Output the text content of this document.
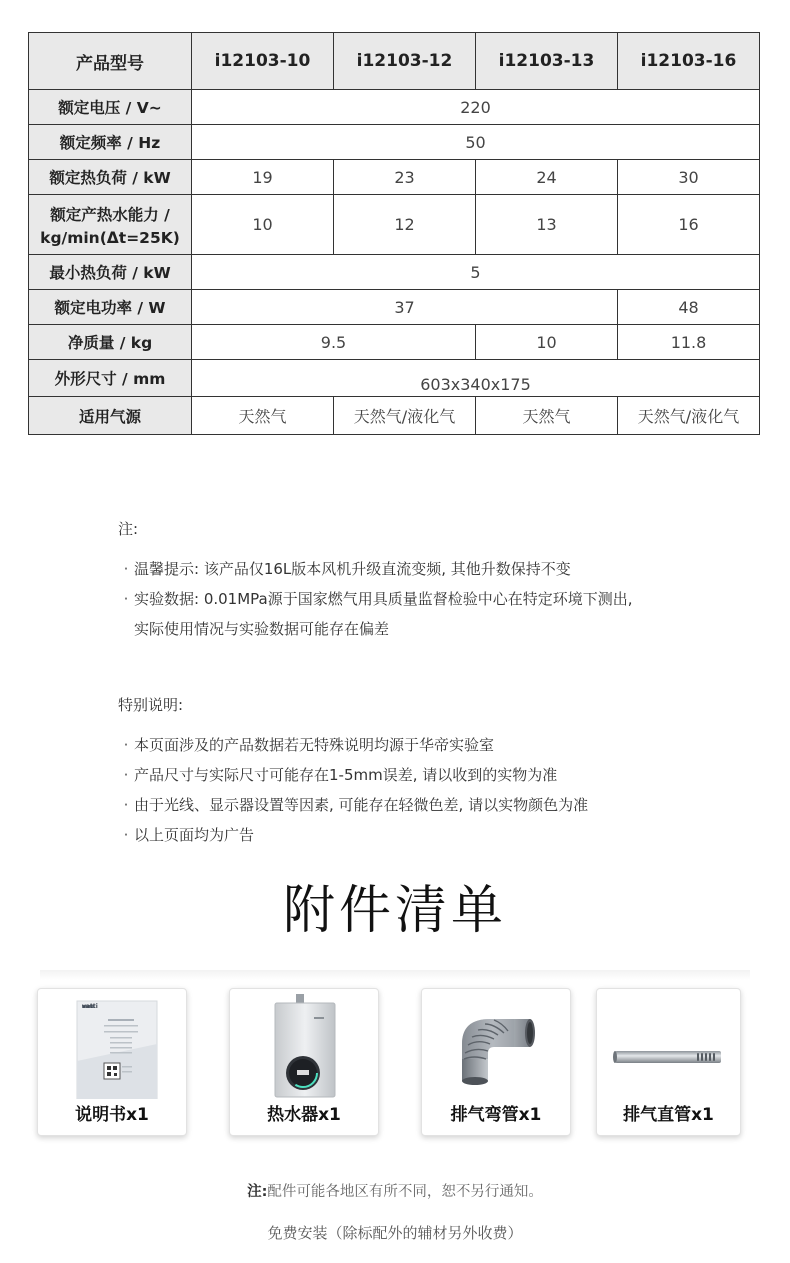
产品型号	i12103-10	i12103-12	i12103-13	i12103-16
额定电压 / V~	220			
额定频率 / Hz	50			
额定热负荷 / kW	19	23	24	30

额定产热水能力 /
kg/min(Δt=25K)	10	12	13	16
最小热负荷 / kW	5			
额定电功率 / W	37			48
净质量 / kg	9.5		10	11.8
外形尺寸 / mm	603x340x175			
适用气源	天然气	天然气/液化气	天然气	天然气/液化气
注:
· 温馨提示: 该产品仅16L版本风机升级直流变频, 其他升数保持不变
· 实验数据: 0.01MPa源于国家燃气用具质量监督检验中心在特定环境下测出,
实际使用情况与实验数据可能存在偏差
特别说明:
· 本页面涉及的产品数据若无特殊说明均源于华帝实验室
· 产品尺寸与实际尺寸可能存在1-5mm误差, 请以收到的实物为准
· 由于光线、显示器设置等因素, 可能存在轻微色差, 请以实物颜色为准
· 以上页面均为广告
附件清单
vatti
说明书x1	热水器x1	排气弯管x1	排气直管x1
注:配件可能各地区有所不同，恕不另行通知。
免费安装（除标配外的辅材另外收费）
